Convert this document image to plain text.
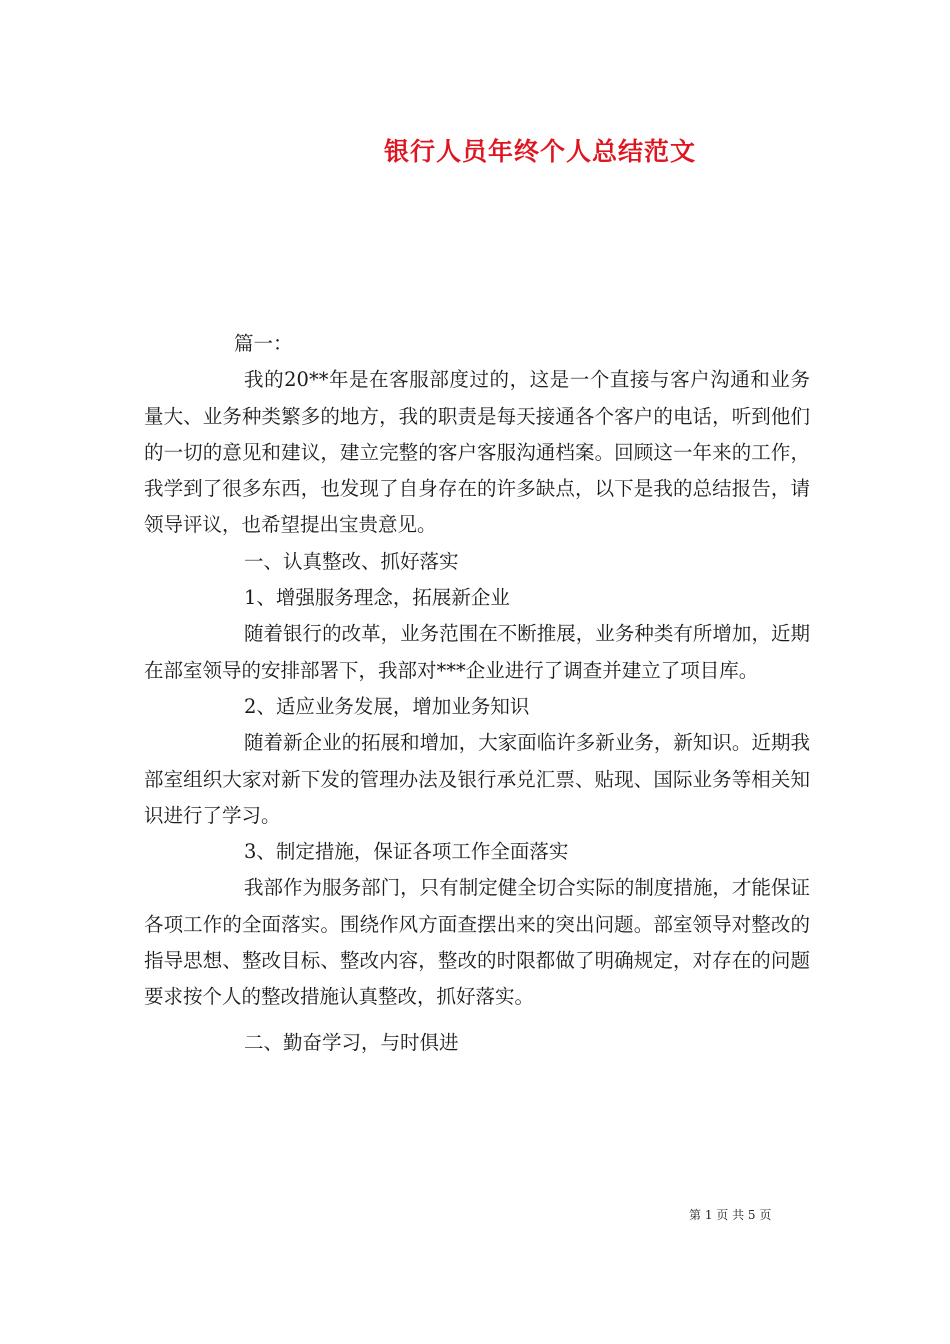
银行人员年终个人总结范文

篇一：

我的20**年是在客服部度过的，这是一个直接与客户沟通和业务量大、业务种类繁多的地方，我的职责是每天接通各个客户的电话，听到他们的一切的意见和建议，建立完整的客户客服沟通档案。回顾这一年来的工作，我学到了很多东西，也发现了自身存在的许多缺点，以下是我的总结报告，请领导评议，也希望提出宝贵意见。

一、认真整改、抓好落实

1、增强服务理念，拓展新企业

随着银行的改革，业务范围在不断推展，业务种类有所增加，近期在部室领导的安排部署下，我部对***企业进行了调查并建立了项目库。

2、适应业务发展，增加业务知识

随着新企业的拓展和增加，大家面临许多新业务，新知识。近期我部室组织大家对新下发的管理办法及银行承兑汇票、贴现、国际业务等相关知识进行了学习。

3、制定措施，保证各项工作全面落实

我部作为服务部门，只有制定健全切合实际的制度措施，才能保证各项工作的全面落实。围绕作风方面查摆出来的突出问题。部室领导对整改的指导思想、整改目标、整改内容，整改的时限都做了明确规定，对存在的问题要求按个人的整改措施认真整改，抓好落实。

二、勤奋学习，与时俱进

第 1 页 共 5 页
